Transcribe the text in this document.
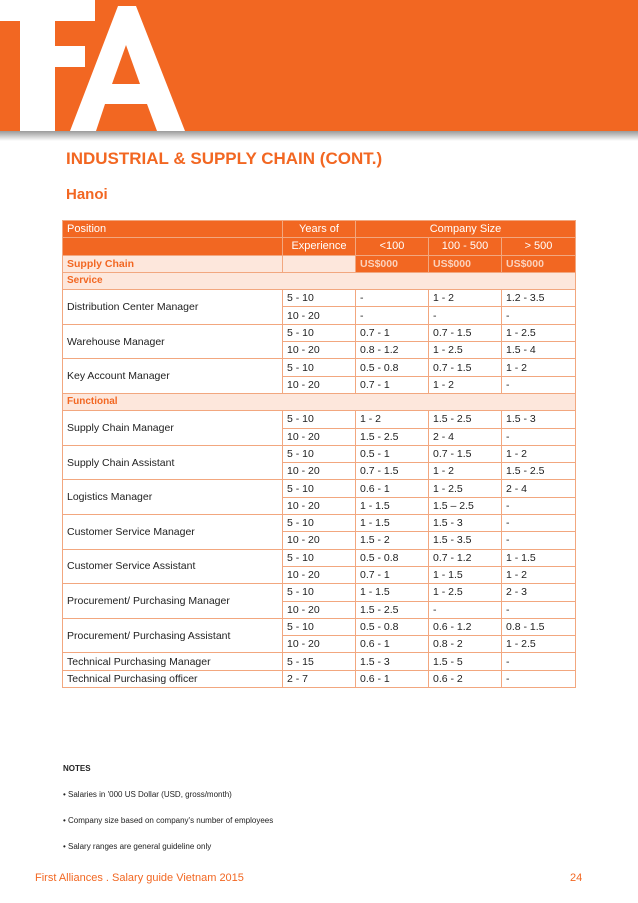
INDUSTRIAL & SUPPLY CHAIN (CONT.)
Hanoi
Position	Years of	Company Size		
	Experience	<100	100 - 500	> 500
Supply Chain		US$000	US$000	US$000
Service				
Distribution Center Manager	5 - 10	-	1 - 2	1.2 - 3.5
	10 - 20	-	-	-
Warehouse Manager	5 - 10	0.7 - 1	0.7 - 1.5	1 - 2.5
	10 - 20	0.8 - 1.2	1 - 2.5	1.5 - 4
Key Account Manager	5 - 10	0.5 - 0.8	0.7 - 1.5	1 - 2
	10 - 20	0.7 - 1	1 - 2	-
Functional				
Supply Chain Manager	5 - 10	1 - 2	1.5 - 2.5	1.5 - 3
	10 - 20	1.5 - 2.5	2 - 4	-
Supply Chain Assistant	5 - 10	0.5 - 1	0.7 - 1.5	1 - 2
	10 - 20	0.7 - 1.5	1 - 2	1.5 - 2.5
Logistics Manager	5 - 10	0.6 - 1	1 - 2.5	2 - 4
	10 - 20	1 - 1.5	1.5 – 2.5	-
Customer Service Manager	5 - 10	1 - 1.5	1.5 - 3	-
	10 - 20	1.5 - 2	1.5 - 3.5	-
Customer Service Assistant	5 - 10	0.5 - 0.8	0.7 - 1.2	1 - 1.5
	10 - 20	0.7 - 1	1 - 1.5	1 - 2
Procurement/ Purchasing Manager	5 - 10	1 - 1.5	1 - 2.5	2 - 3
	10 - 20	1.5 - 2.5	-	-
Procurement/ Purchasing Assistant	5 - 10	0.5 - 0.8	0.6 - 1.2	0.8 - 1.5
	10 - 20	0.6 - 1	0.8 - 2	1 - 2.5
Technical Purchasing Manager	5 - 15	1.5 - 3	1.5 - 5	-
Technical Purchasing officer	2 - 7	0.6 - 1	0.6 - 2	-

NOTES

• Salaries in '000 US Dollar (USD, gross/month)

• Company size based on company's number of employees

• Salary ranges are general guideline only

First Alliances . Salary guide Vietnam 2015	24
